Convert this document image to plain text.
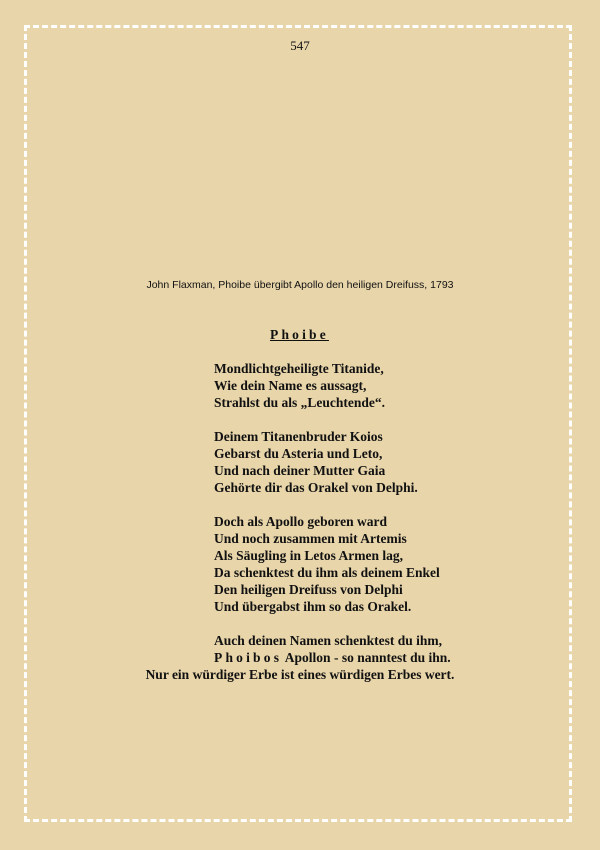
547
John Flaxman, Phoibe übergibt Apollo den heiligen Dreifuss, 1793
Phoibe
Mondlichtgeheiligte Titanide,
Wie dein Name es aussagt,
Strahlst du als „Leuchtende“.
Deinem Titanenbruder Koios
Gebarst du Asteria und Leto,
Und nach deiner Mutter Gaia
Gehörte dir das Orakel von Delphi.
Doch als Apollo geboren ward
Und noch zusammen mit Artemis
Als Säugling in Letos Armen lag,
Da schenktest du ihm als deinem Enkel
Den heiligen Dreifuss von Delphi
Und übergabst ihm so das Orakel.
Auch deinen Namen schenktest du ihm,
Phoibos Apollon - so nanntest du ihn.
Nur ein würdiger Erbe ist eines würdigen Erbes wert.
